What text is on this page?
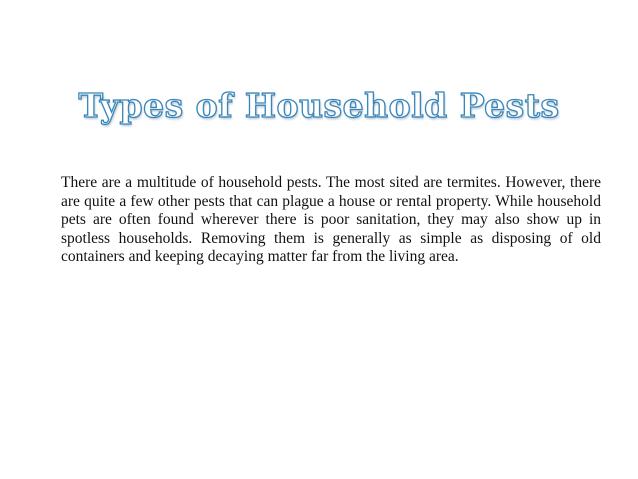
Types of Household Pests

There are a multitude of household pests. The most sited are termites. However, there are quite a few other pests that can plague a house or rental property. While household pets are often found wherever there is poor sanitation, they may also show up in spotless households. Removing them is generally as simple as disposing of old containers and keeping decaying matter far from the living area.
